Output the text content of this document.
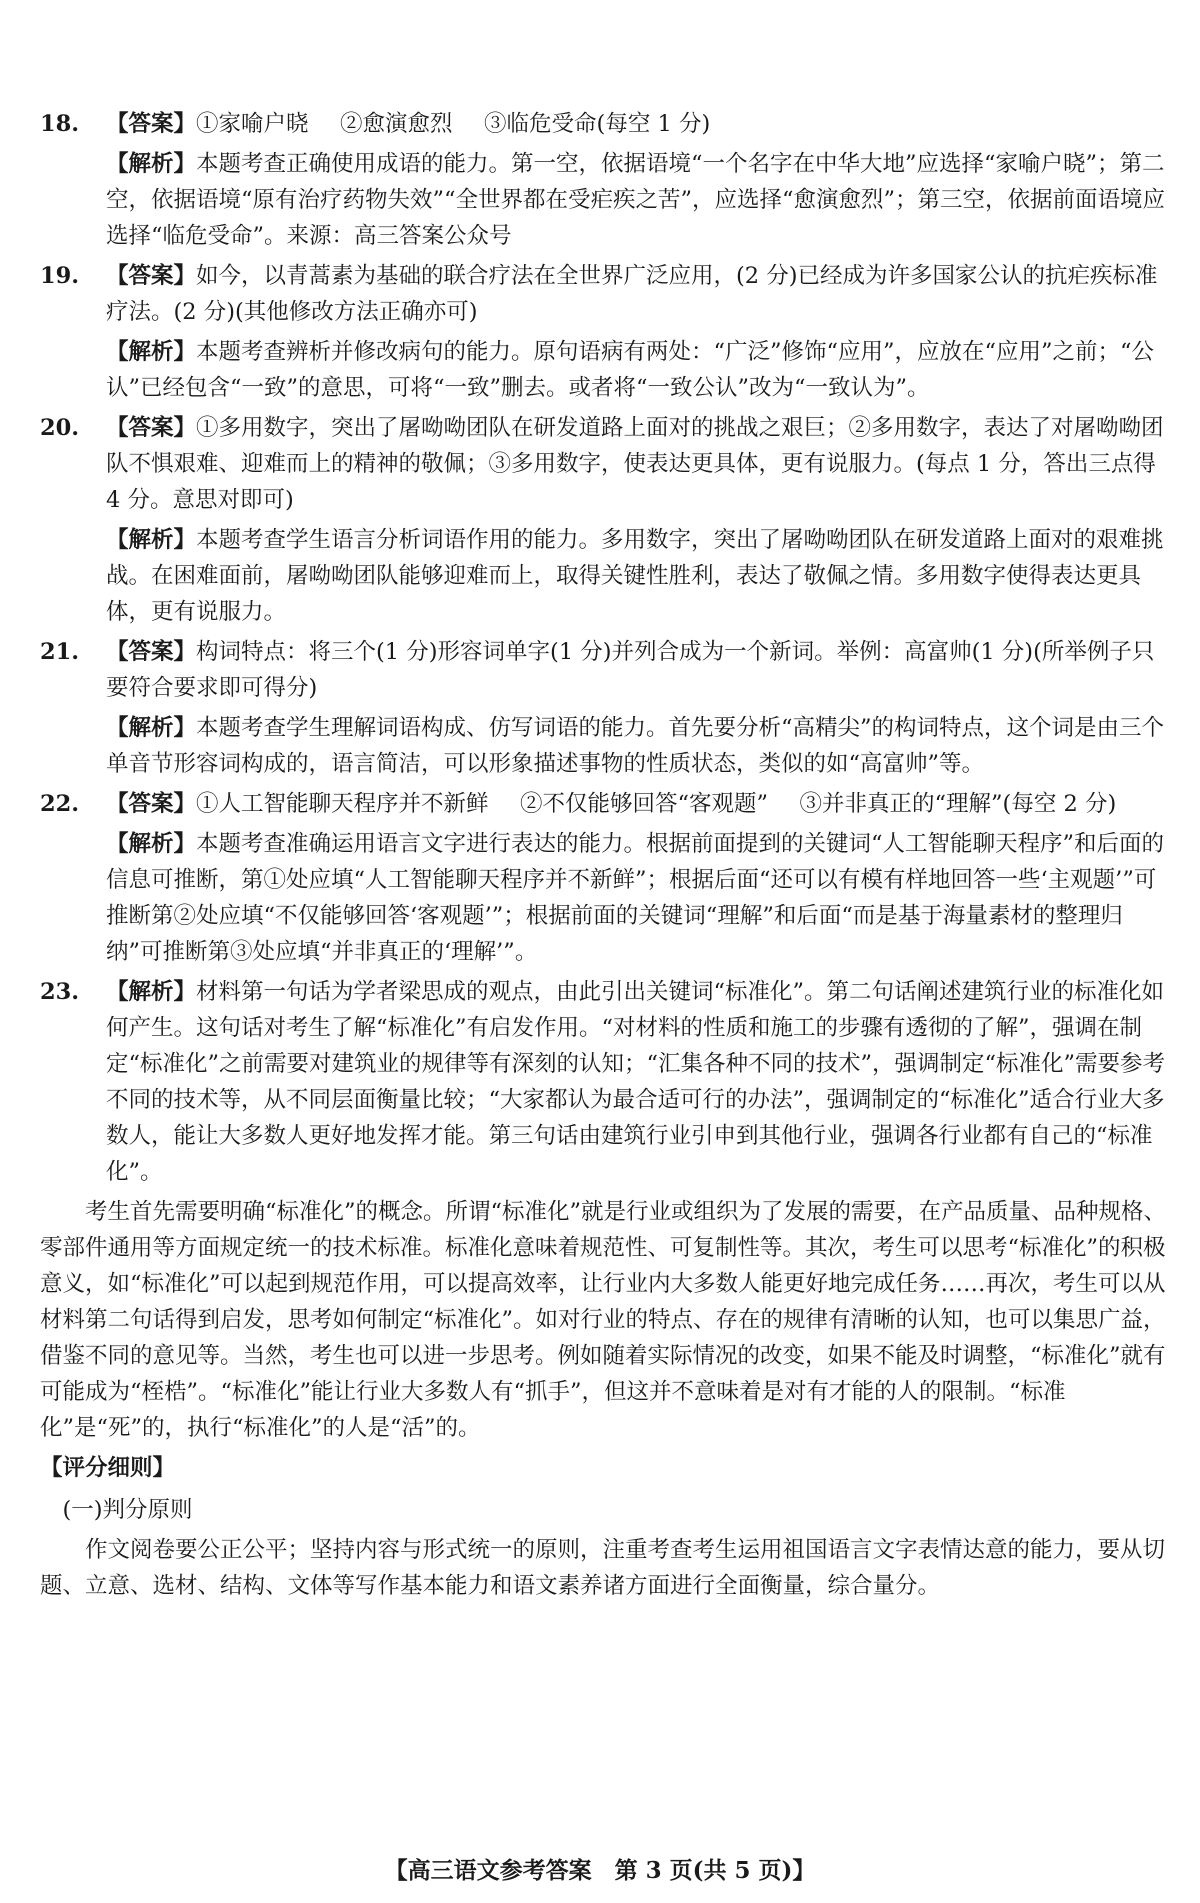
18. 【答案】①家喻户晓 ②愈演愈烈 ③临危受命(每空 1 分)

【解析】本题考查正确使用成语的能力。第一空，依据语境“一个名字在中华大地”应选择“家喻户晓”；第二空，依据语境“原有治疗药物失效”“全世界都在受疟疾之苦”，应选择“愈演愈烈”；第三空，依据前面语境应选择“临危受命”。来源：高三答案公众号

19. 【答案】如今，以青蒿素为基础的联合疗法在全世界广泛应用，(2 分)已经成为许多国家公认的抗疟疾标准疗法。(2 分)(其他修改方法正确亦可)

【解析】本题考查辨析并修改病句的能力。原句语病有两处：“广泛”修饰“应用”，应放在“应用”之前；“公认”已经包含“一致”的意思，可将“一致”删去。或者将“一致公认”改为“一致认为”。

20. 【答案】①多用数字，突出了屠呦呦团队在研发道路上面对的挑战之艰巨；②多用数字，表达了对屠呦呦团队不惧艰难、迎难而上的精神的敬佩；③多用数字，使表达更具体，更有说服力。(每点 1 分，答出三点得 4 分。意思对即可)

【解析】本题考查学生语言分析词语作用的能力。多用数字，突出了屠呦呦团队在研发道路上面对的艰难挑战。在困难面前，屠呦呦团队能够迎难而上，取得关键性胜利，表达了敬佩之情。多用数字使得表达更具体，更有说服力。

21. 【答案】构词特点：将三个(1 分)形容词单字(1 分)并列合成为一个新词。举例：高富帅(1 分)(所举例子只要符合要求即可得分)

【解析】本题考查学生理解词语构成、仿写词语的能力。首先要分析“高精尖”的构词特点，这个词是由三个单音节形容词构成的，语言简洁，可以形象描述事物的性质状态，类似的如“高富帅”等。

22. 【答案】①人工智能聊天程序并不新鲜 ②不仅能够回答“客观题” ③并非真正的“理解”(每空 2 分)

【解析】本题考查准确运用语言文字进行表达的能力。根据前面提到的关键词“人工智能聊天程序”和后面的信息可推断，第①处应填“人工智能聊天程序并不新鲜”；根据后面“还可以有模有样地回答一些‘主观题’”可推断第②处应填“不仅能够回答‘客观题’”；根据前面的关键词“理解”和后面“而是基于海量素材的整理归纳”可推断第③处应填“并非真正的‘理解’”。

23. 【解析】材料第一句话为学者梁思成的观点，由此引出关键词“标准化”。第二句话阐述建筑行业的标准化如何产生。这句话对考生了解“标准化”有启发作用。“对材料的性质和施工的步骤有透彻的了解”，强调在制定“标准化”之前需要对建筑业的规律等有深刻的认知；“汇集各种不同的技术”，强调制定“标准化”需要参考不同的技术等，从不同层面衡量比较；“大家都认为最合适可行的办法”，强调制定的“标准化”适合行业大多数人，能让大多数人更好地发挥才能。第三句话由建筑行业引申到其他行业，强调各行业都有自己的“标准化”。

考生首先需要明确“标准化”的概念。所谓“标准化”就是行业或组织为了发展的需要，在产品质量、品种规格、零部件通用等方面规定统一的技术标准。标准化意味着规范性、可复制性等。其次，考生可以思考“标准化”的积极意义，如“标准化”可以起到规范作用，可以提高效率，让行业内大多数人能更好地完成任务……再次，考生可以从材料第二句话得到启发，思考如何制定“标准化”。如对行业的特点、存在的规律有清晰的认知，也可以集思广益，借鉴不同的意见等。当然，考生也可以进一步思考。例如随着实际情况的改变，如果不能及时调整，“标准化”就有可能成为“桎梏”。“标准化”能让行业大多数人有“抓手”，但这并不意味着是对有才能的人的限制。“标准化”是“死”的，执行“标准化”的人是“活”的。

【评分细则】

(一)判分原则

作文阅卷要公正公平；坚持内容与形式统一的原则，注重考查考生运用祖国语言文字表情达意的能力，要从切题、立意、选材、结构、文体等写作基本能力和语文素养诸方面进行全面衡量，综合量分。

【高三语文参考答案　第 3 页(共 5 页)】
